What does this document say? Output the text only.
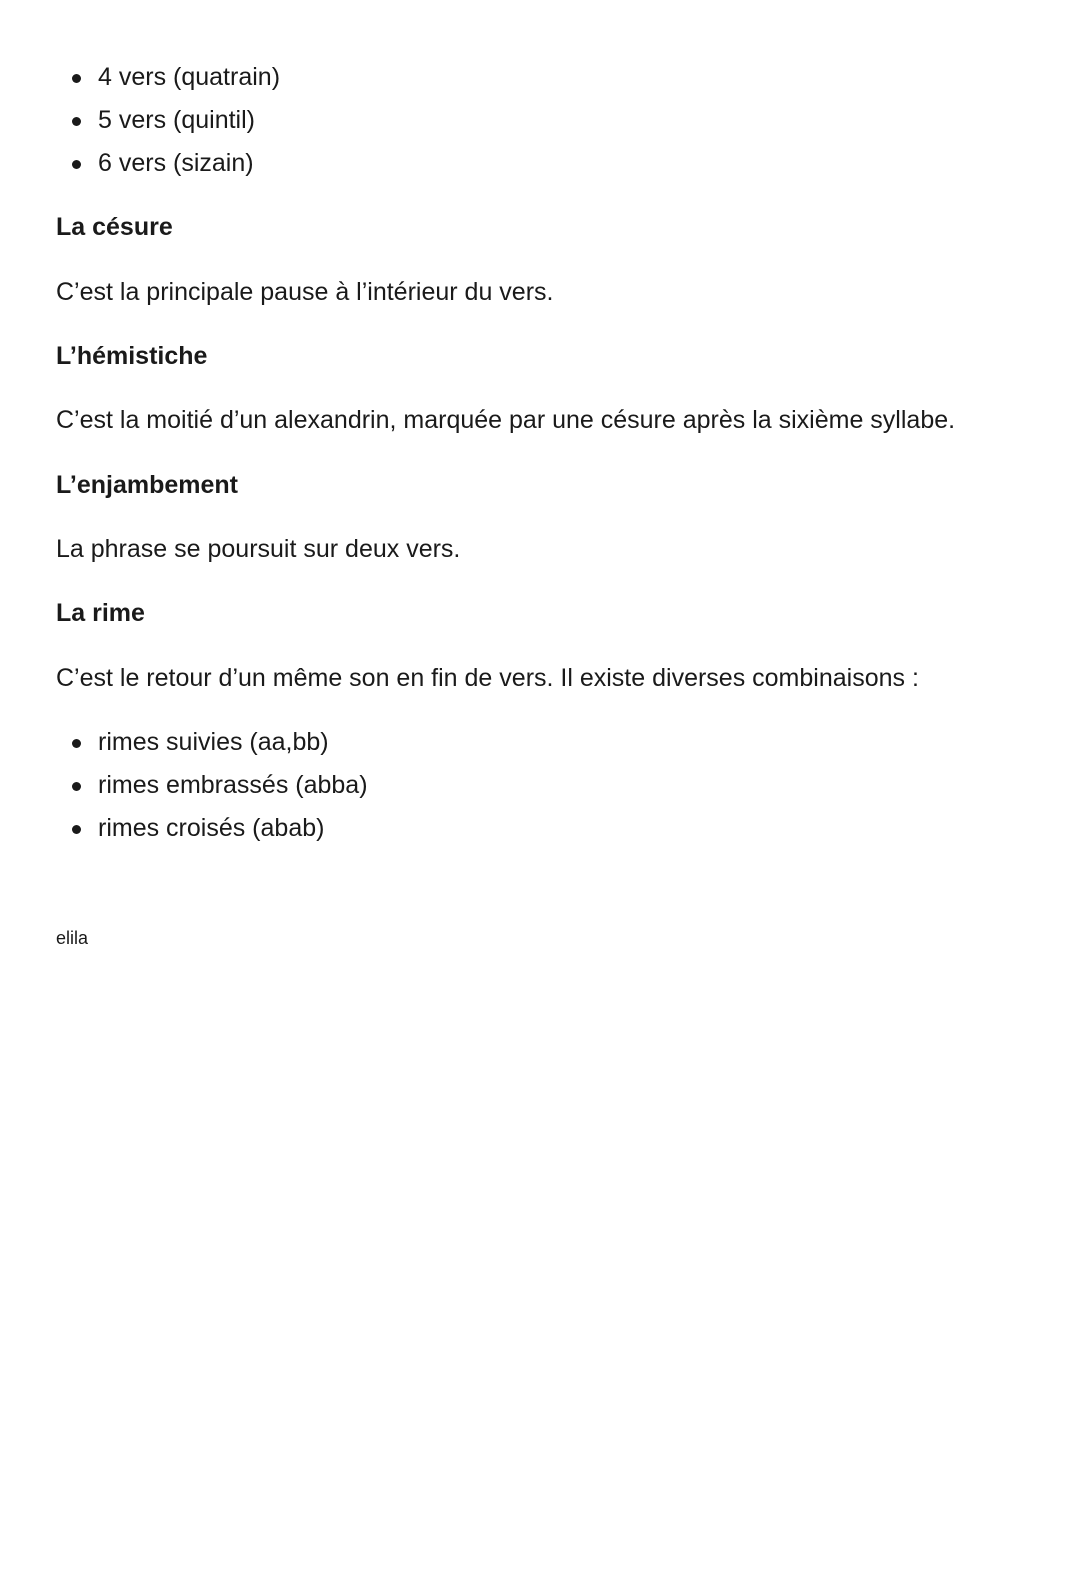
4 vers (quatrain)
5 vers (quintil)
6 vers (sizain)
La césure
C’est la principale pause à l’intérieur du vers.
L’hémistiche
C’est la moitié d’un alexandrin, marquée par une césure après la sixième syllabe.
L’enjambement
La phrase se poursuit sur deux vers.
La rime
C’est le retour d’un même son en fin de vers. Il existe diverses combinaisons :
rimes suivies (aa,bb)
rimes embrassés (abba)
rimes croisés (abab)
elila
